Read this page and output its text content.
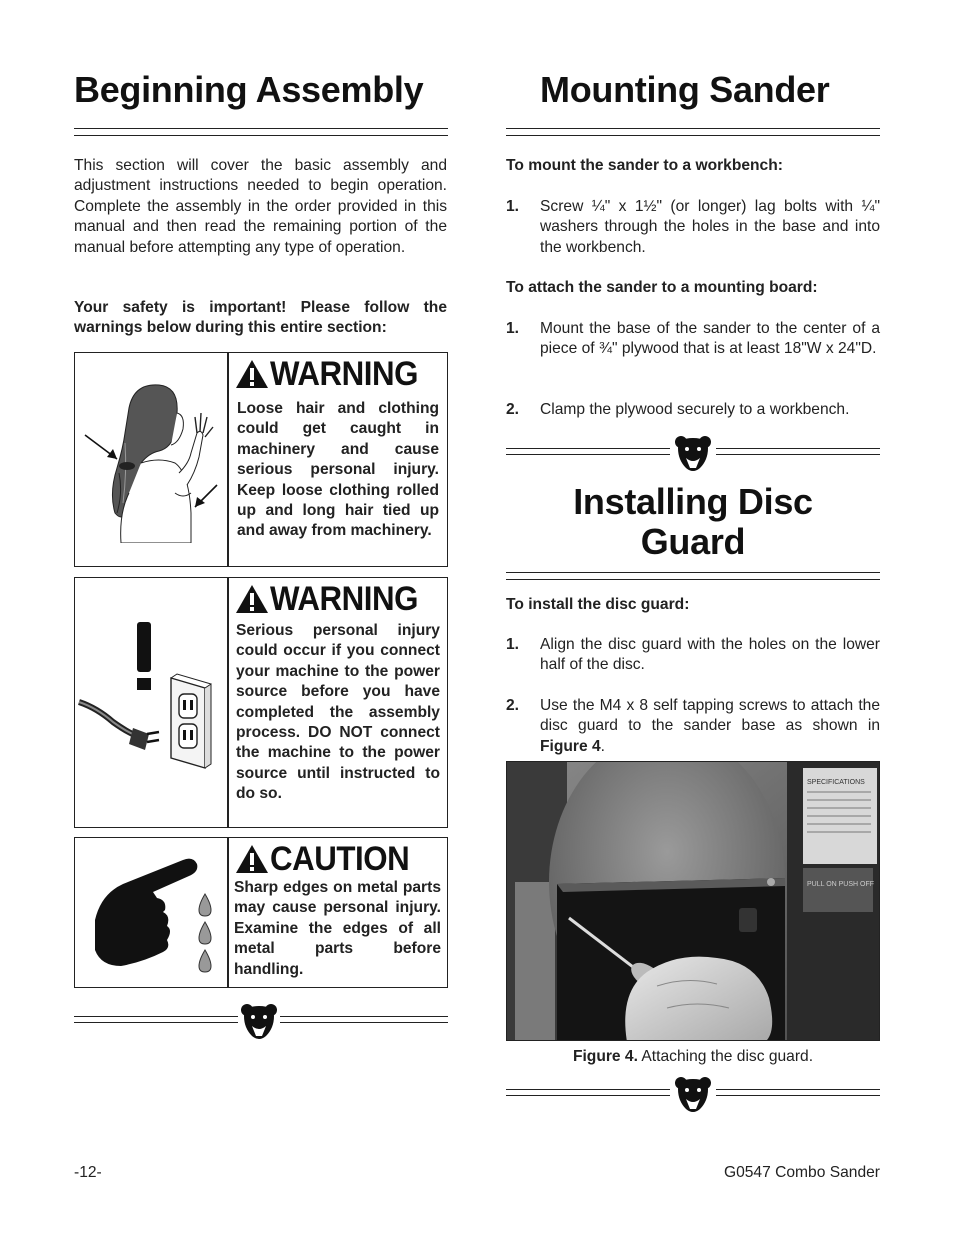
Beginning Assembly

This section will cover the basic assembly and adjustment instructions needed to begin operation. Complete the assembly in the order provided in this manual and then read the remaining portion of the manual before attempting any type of operation.

Your safety is important! Please follow the warnings below during this entire section:

WARNING
Loose hair and clothing could get caught in machinery and cause serious personal injury. Keep loose clothing rolled up and long hair tied up and away from machinery.
WARNING
Serious personal injury could occur if you connect your machine to the power source before you have completed the assembly process. DO NOT connect the machine to the power source until instructed to do so.
CAUTION
Sharp edges on metal parts may cause personal injury. Examine the edges of all metal parts before handling.
Mounting Sander

To mount the sander to a workbench:

1. Screw ¼" x 1½" (or longer) lag bolts with ¼" washers through the holes in the base and into the workbench.

To attach the sander to a mounting board:

1. Mount the base of the sander to the center of a piece of ¾" plywood that is at least 18"W x 24"D.
2. Clamp the plywood securely to a workbench.
Installing Disc
Guard

To install the disc guard:

1. Align the disc guard with the holes on the lower half of the disc.
2. Use the M4 x 8 self tapping screws to attach the disc guard to the sander base as shown in Figure 4.
SPECIFICATIONS
PULL ON PUSH OFF
Figure 4. Attaching the disc guard.
-12-	G0547 Combo Sander
